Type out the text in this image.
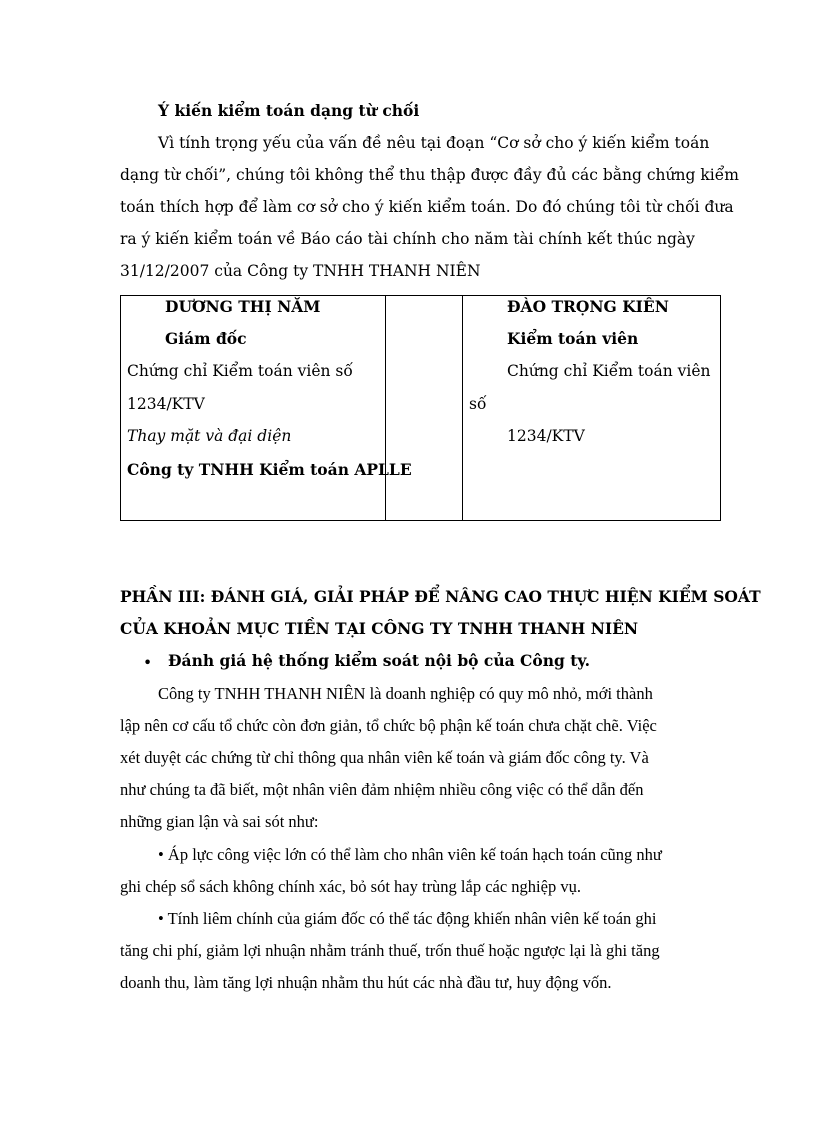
Ý kiến kiểm toán dạng từ chối
Vì tính trọng yếu của vấn đề nêu tại đoạn “Cơ sở cho ý kiến kiểm toán
dạng từ chối”, chúng tôi không thể thu thập được đầy đủ các bằng chứng kiểm
toán thích hợp để làm cơ sở cho ý kiến kiểm toán. Do đó chúng tôi từ chối đưa
ra ý kiến kiểm toán về Báo cáo tài chính cho năm tài chính kết thúc ngày
31/12/2007 của Công ty TNHH THANH NIÊN
DƯƠNG THỊ NĂM
Giám đốc
Chứng chỉ Kiểm toán viên số
1234/KTV
Thay mặt và đại diện
Công ty TNHH Kiểm toán APLLE
ĐÀO TRỌNG KIÊN
Kiểm toán viên
Chứng chỉ Kiểm toán viên
số
1234/KTV
PHẦN III: ĐÁNH GIÁ, GIẢI PHÁP ĐỂ NÂNG CAO THỰC HIỆN KIỂM SOÁT
CỦA KHOẢN MỤC TIỀN TẠI CÔNG TY TNHH THANH NIÊN
• Đánh giá hệ thống kiểm soát nội bộ của Công ty.
Công ty TNHH THANH NIÊN là doanh nghiệp có quy mô nhỏ, mới thành
lập nên cơ cấu tổ chức còn đơn giản, tổ chức bộ phận kế toán chưa chặt chẽ. Việc
xét duyệt các chứng từ chỉ thông qua nhân viên kế toán và giám đốc công ty. Và
như chúng ta đã biết, một nhân viên đảm nhiệm nhiều công việc có thể dẫn đến
những gian lận và sai sót như:
• Áp lực công việc lớn có thể làm cho nhân viên kế toán hạch toán cũng như
ghi chép sổ sách không chính xác, bỏ sót hay trùng lắp các nghiệp vụ.
• Tính liêm chính của giám đốc có thể tác động khiến nhân viên kế toán ghi
tăng chi phí, giảm lợi nhuận nhằm tránh thuế, trốn thuế hoặc ngược lại là ghi tăng
doanh thu, làm tăng lợi nhuận nhằm thu hút các nhà đầu tư, huy động vốn.
